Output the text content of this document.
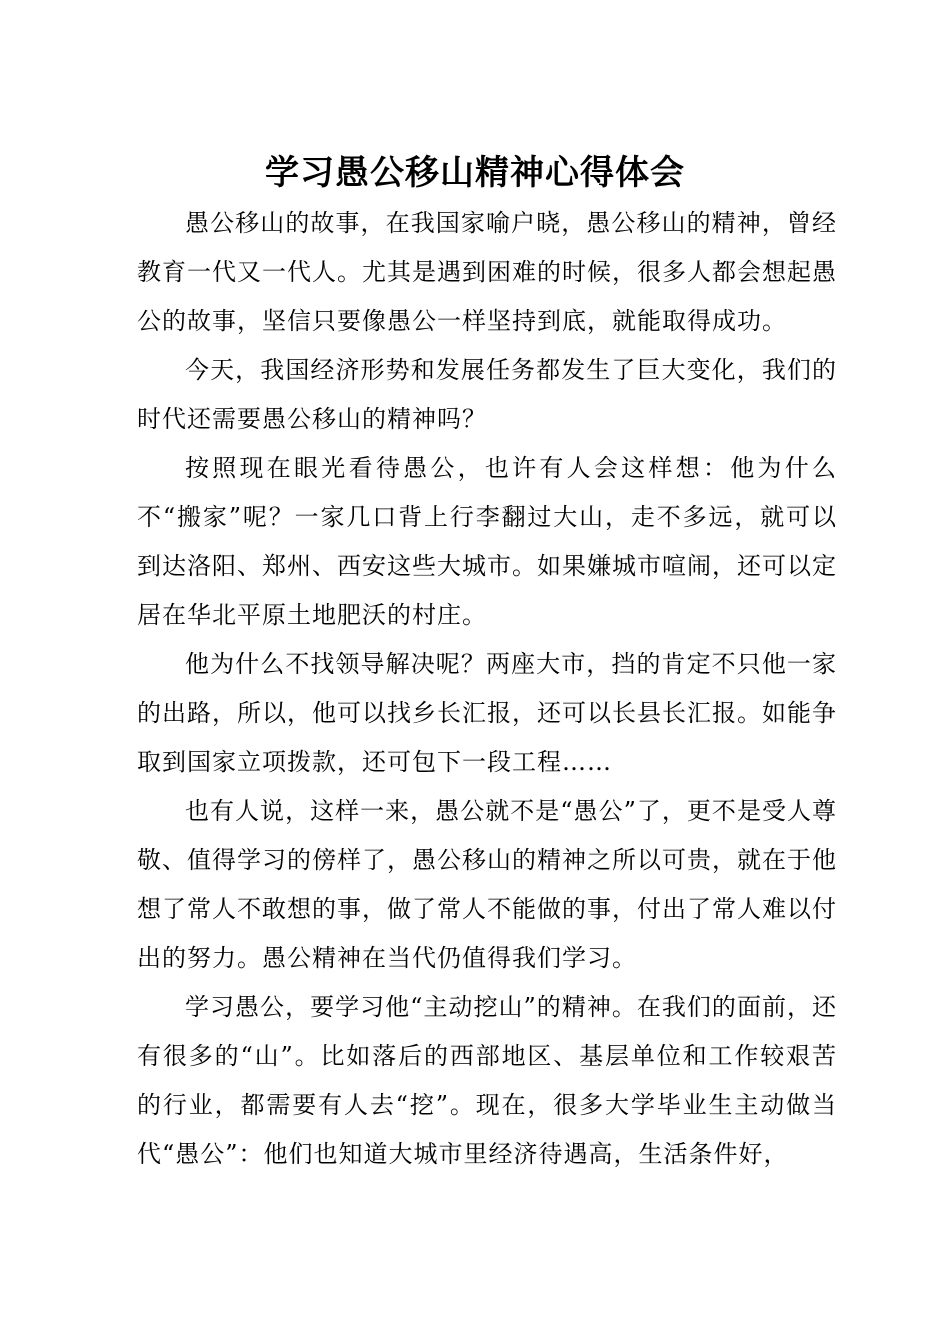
学习愚公移山精神心得体会

愚公移山的故事，在我国家喻户晓，愚公移山的精神，曾经教育一代又一代人。尤其是遇到困难的时候，很多人都会想起愚公的故事，坚信只要像愚公一样坚持到底，就能取得成功。

今天，我国经济形势和发展任务都发生了巨大变化，我们的时代还需要愚公移山的精神吗？

按照现在眼光看待愚公，也许有人会这样想：他为什么不“搬家”呢？一家几口背上行李翻过大山，走不多远，就可以到达洛阳、郑州、西安这些大城市。如果嫌城市喧闹，还可以定居在华北平原土地肥沃的村庄。

他为什么不找领导解决呢？两座大市，挡的肯定不只他一家的出路，所以，他可以找乡长汇报，还可以长县长汇报。如能争取到国家立项拨款，还可包下一段工程……

也有人说，这样一来，愚公就不是“愚公”了，更不是受人尊敬、值得学习的傍样了，愚公移山的精神之所以可贵，就在于他想了常人不敢想的事，做了常人不能做的事，付出了常人难以付出的努力。愚公精神在当代仍值得我们学习。

学习愚公，要学习他“主动挖山”的精神。在我们的面前，还有很多的“山”。比如落后的西部地区、基层单位和工作较艰苦的行业，都需要有人去“挖”。现在，很多大学毕业生主动做当代“愚公”：他们也知道大城市里经济待遇高，生活条件好，
